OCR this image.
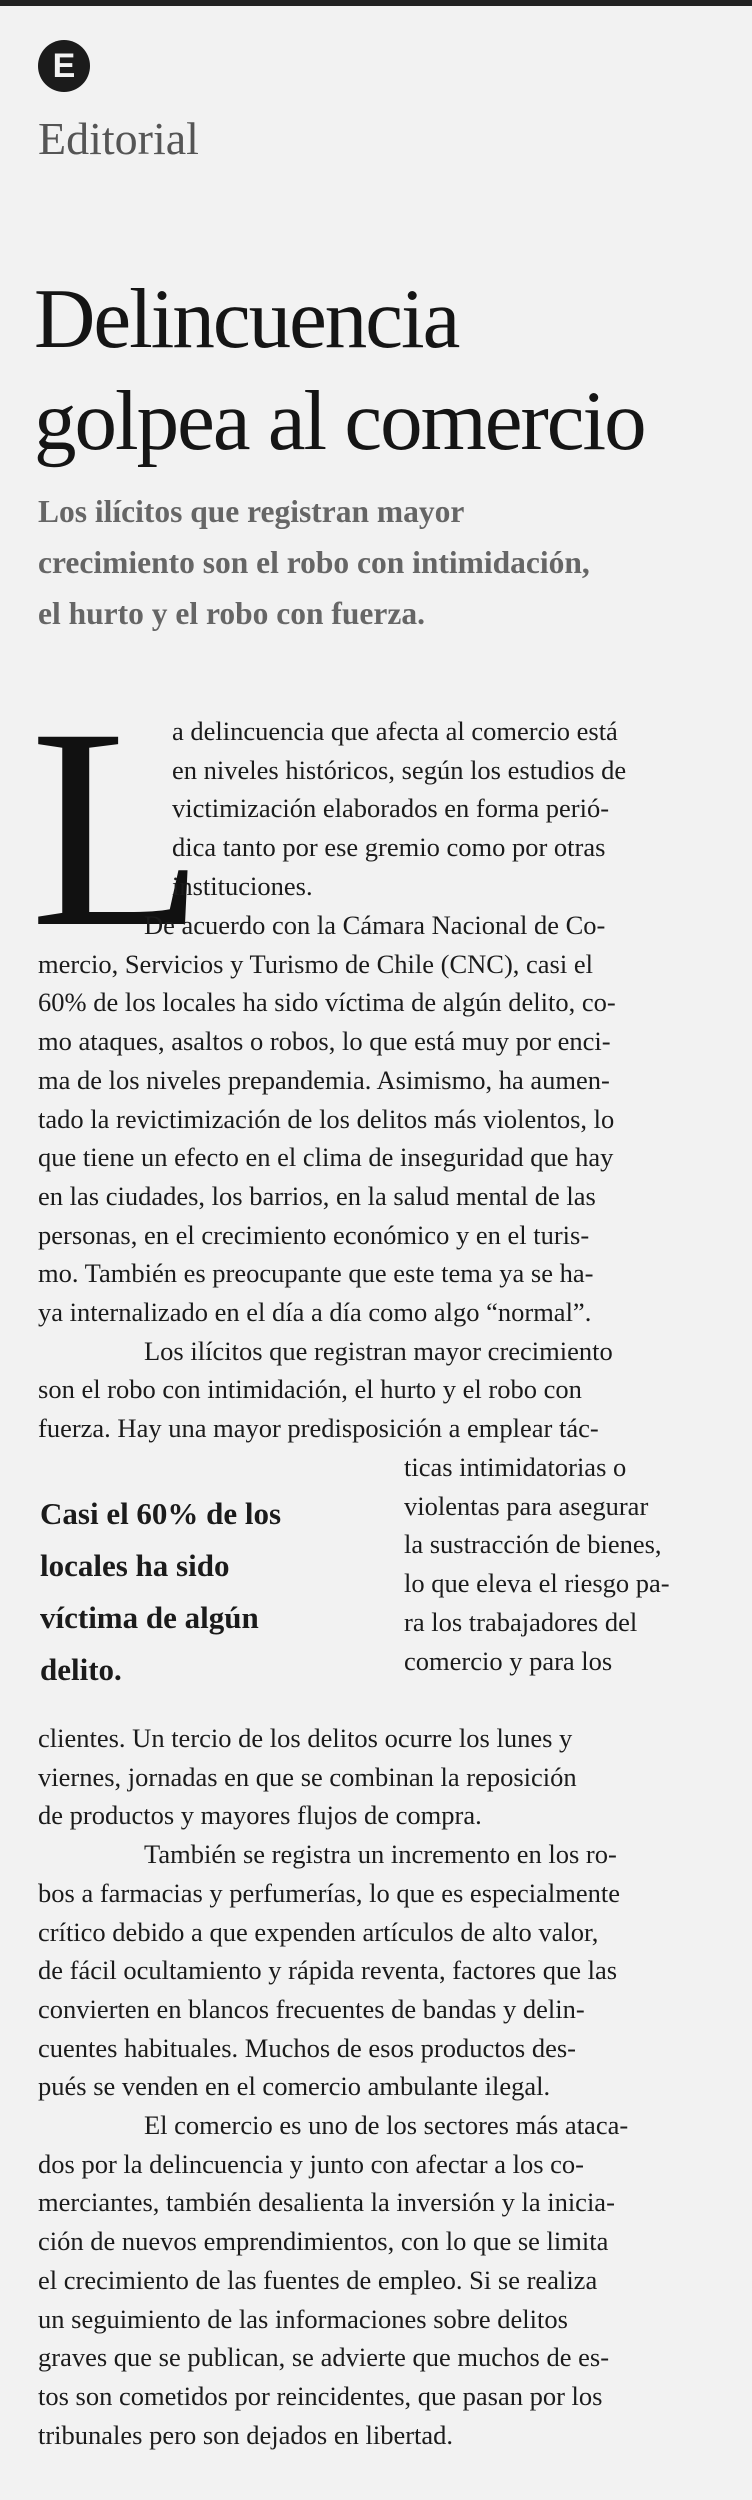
E
Editorial
Delincuencia
golpea al comercio
Los ilícitos que registran mayor
crecimiento son el robo con intimidación,
el hurto y el robo con fuerza.
L
a delincuencia que afecta al comercio está
en niveles históricos, según los estudios de
victimización elaborados en forma perió-
dica tanto por ese gremio como por otras
instituciones.
De acuerdo con la Cámara Nacional de Co-
mercio, Servicios y Turismo de Chile (CNC), casi el
60% de los locales ha sido víctima de algún delito, co-
mo ataques, asaltos o robos, lo que está muy por enci-
ma de los niveles prepandemia. Asimismo, ha aumen-
tado la revictimización de los delitos más violentos, lo
que tiene un efecto en el clima de inseguridad que hay
en las ciudades, los barrios, en la salud mental de las
personas, en el crecimiento económico y en el turis-
mo. También es preocupante que este tema ya se ha-
ya internalizado en el día a día como algo “normal”.
Los ilícitos que registran mayor crecimiento
son el robo con intimidación, el hurto y el robo con
fuerza. Hay una mayor predisposición a emplear tác-
ticas intimidatorias o
violentas para asegurar
la sustracción de bienes,
lo que eleva el riesgo pa-
ra los trabajadores del
comercio y para los
Casi el 60% de los
locales ha sido
víctima de algún
delito.
clientes. Un tercio de los delitos ocurre los lunes y
viernes, jornadas en que se combinan la reposición
de productos y mayores flujos de compra.
También se registra un incremento en los ro-
bos a farmacias y perfumerías, lo que es especialmente
crítico debido a que expenden artículos de alto valor,
de fácil ocultamiento y rápida reventa, factores que las
convierten en blancos frecuentes de bandas y delin-
cuentes habituales. Muchos de esos productos des-
pués se venden en el comercio ambulante ilegal.
El comercio es uno de los sectores más ataca-
dos por la delincuencia y junto con afectar a los co-
merciantes, también desalienta la inversión y la inicia-
ción de nuevos emprendimientos, con lo que se limita
el crecimiento de las fuentes de empleo. Si se realiza
un seguimiento de las informaciones sobre delitos
graves que se publican, se advierte que muchos de es-
tos son cometidos por reincidentes, que pasan por los
tribunales pero son dejados en libertad.
